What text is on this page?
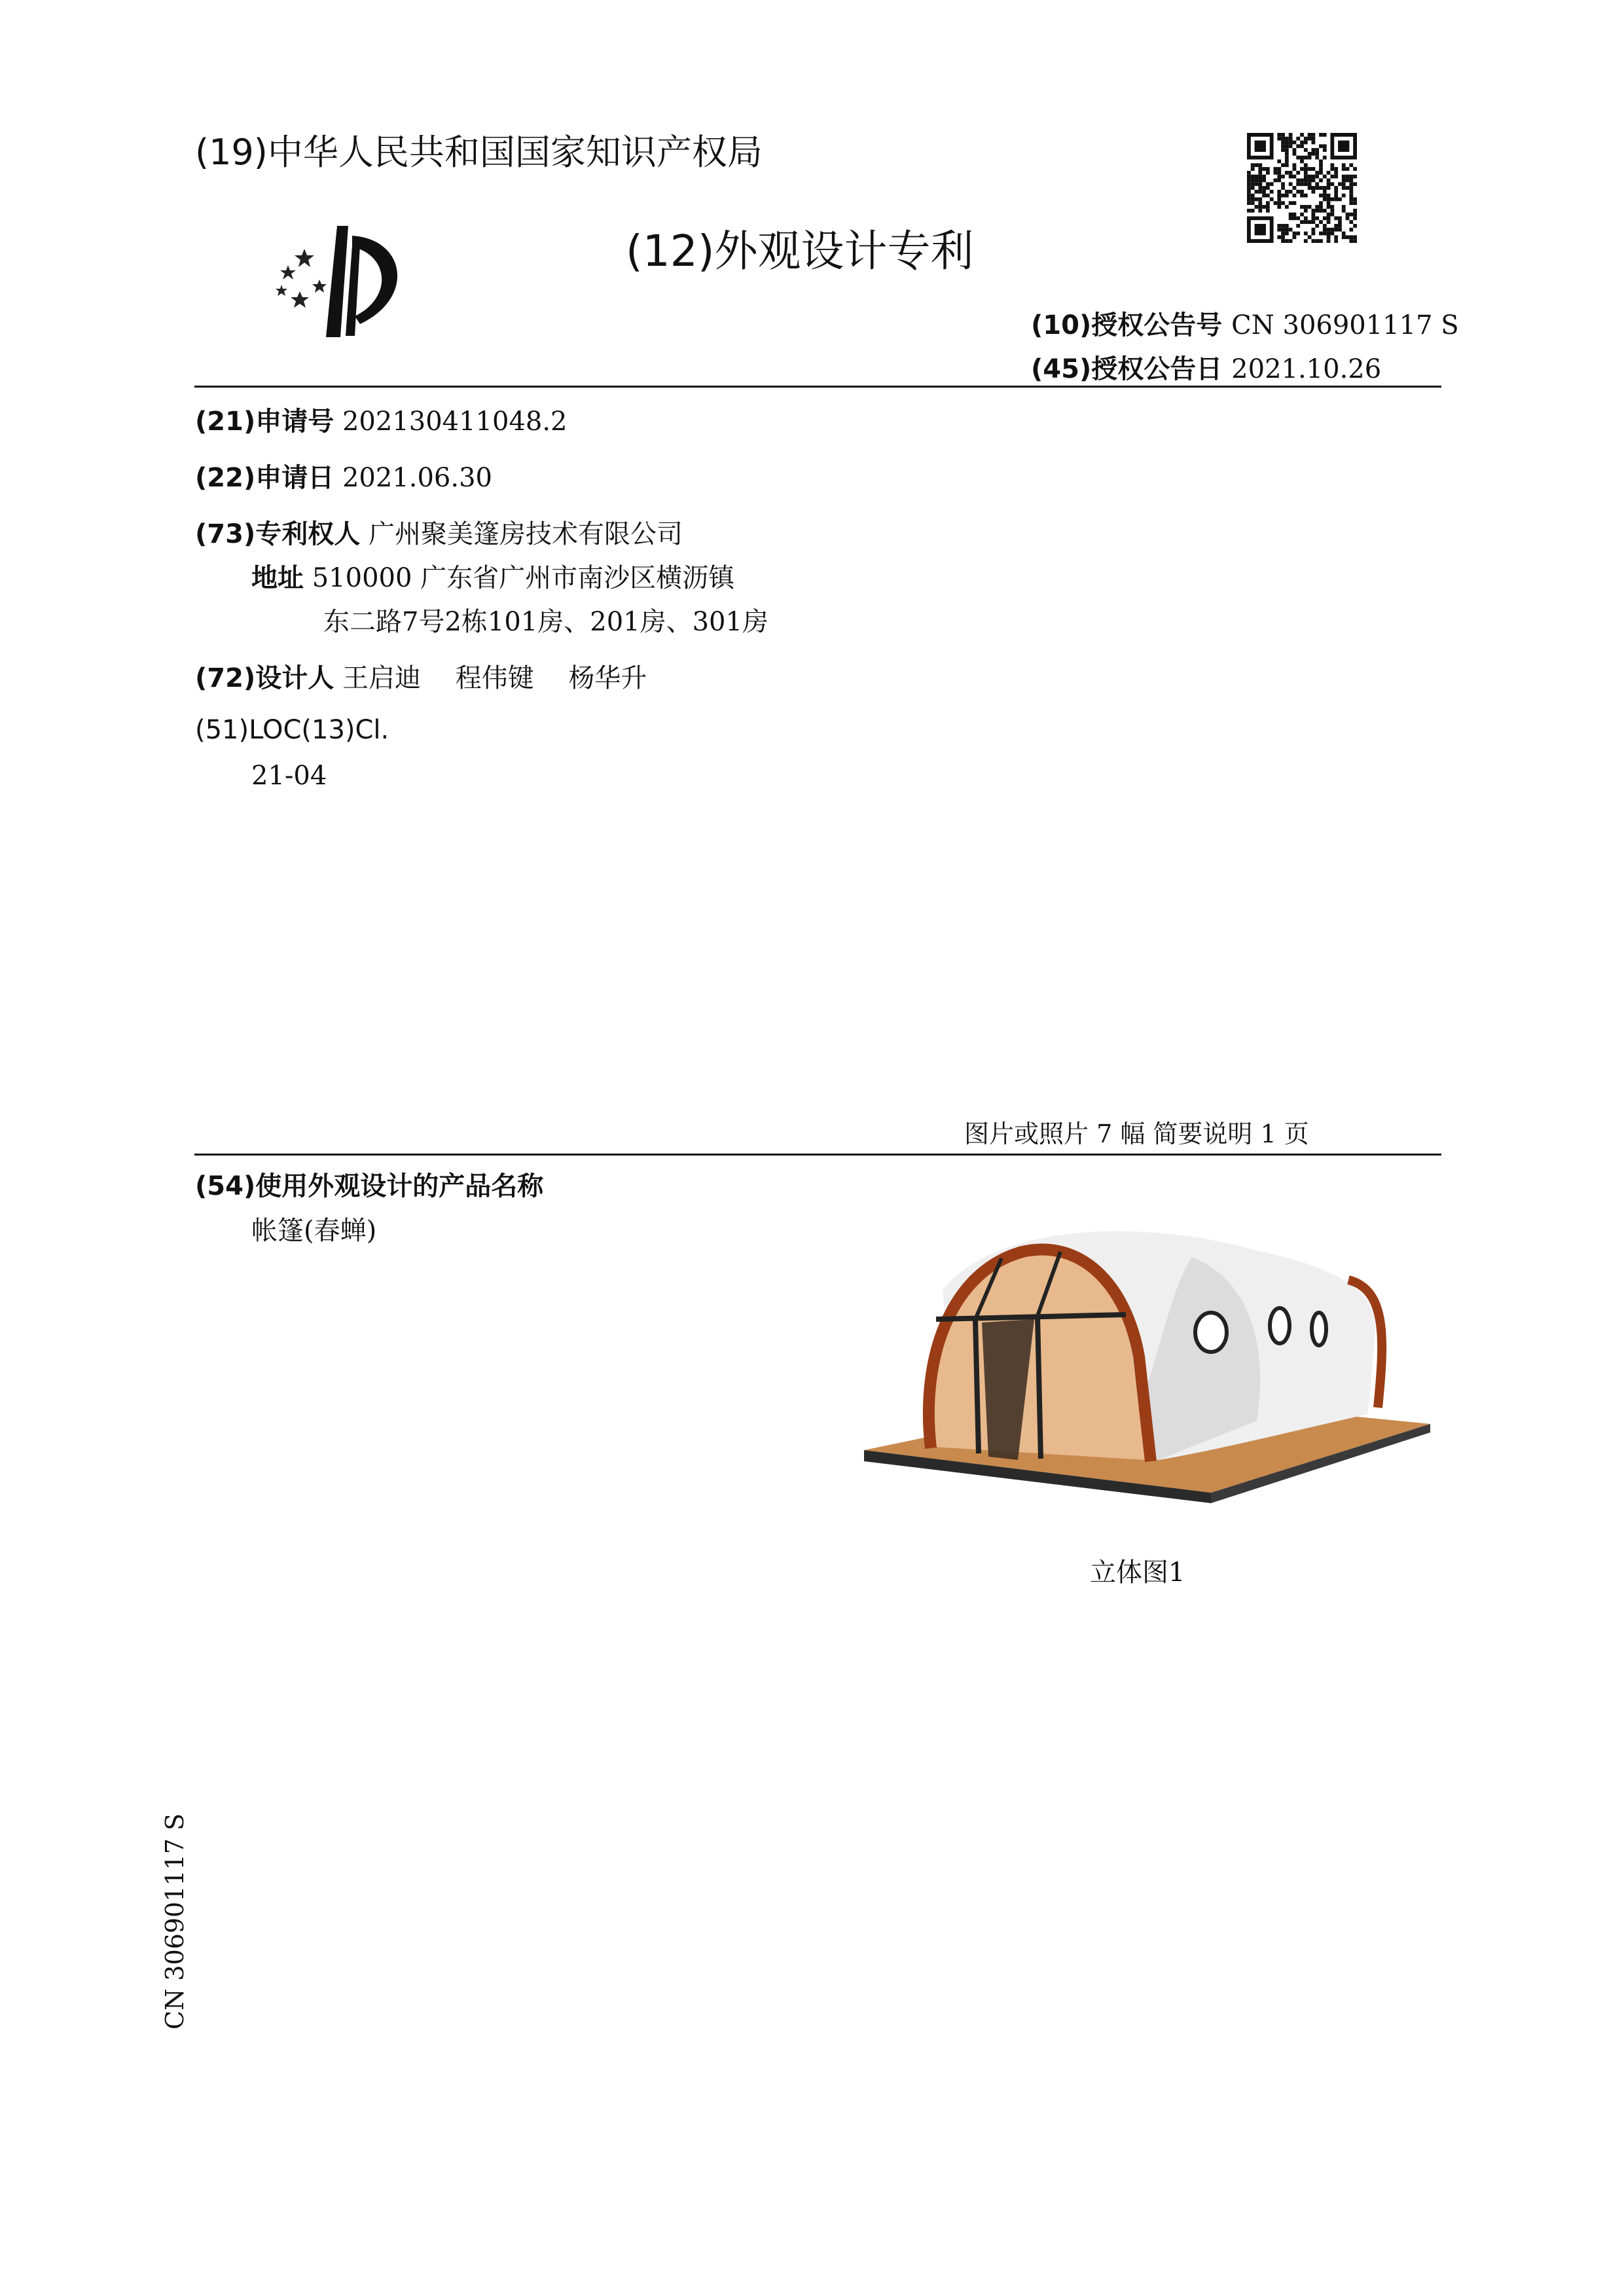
(19)中华人民共和国国家知识产权局
(12)外观设计专利
(10)授权公告号 CN 306901117 S
(45)授权公告日 2021.10.26
(21)申请号 202130411048.2
(22)申请日 2021.06.30
(73)专利权人 广州聚美篷房技术有限公司
地址 510000 广东省广州市南沙区横沥镇
东二路7号2栋101房、201房、301房
(72)设计人 王启迪　 程伟键　 杨华升
(51)LOC(13)Cl.
21-04
图片或照片 7 幅 简要说明 1 页
(54)使用外观设计的产品名称
帐篷(春蝉)
立体图1
CN 306901117 S
